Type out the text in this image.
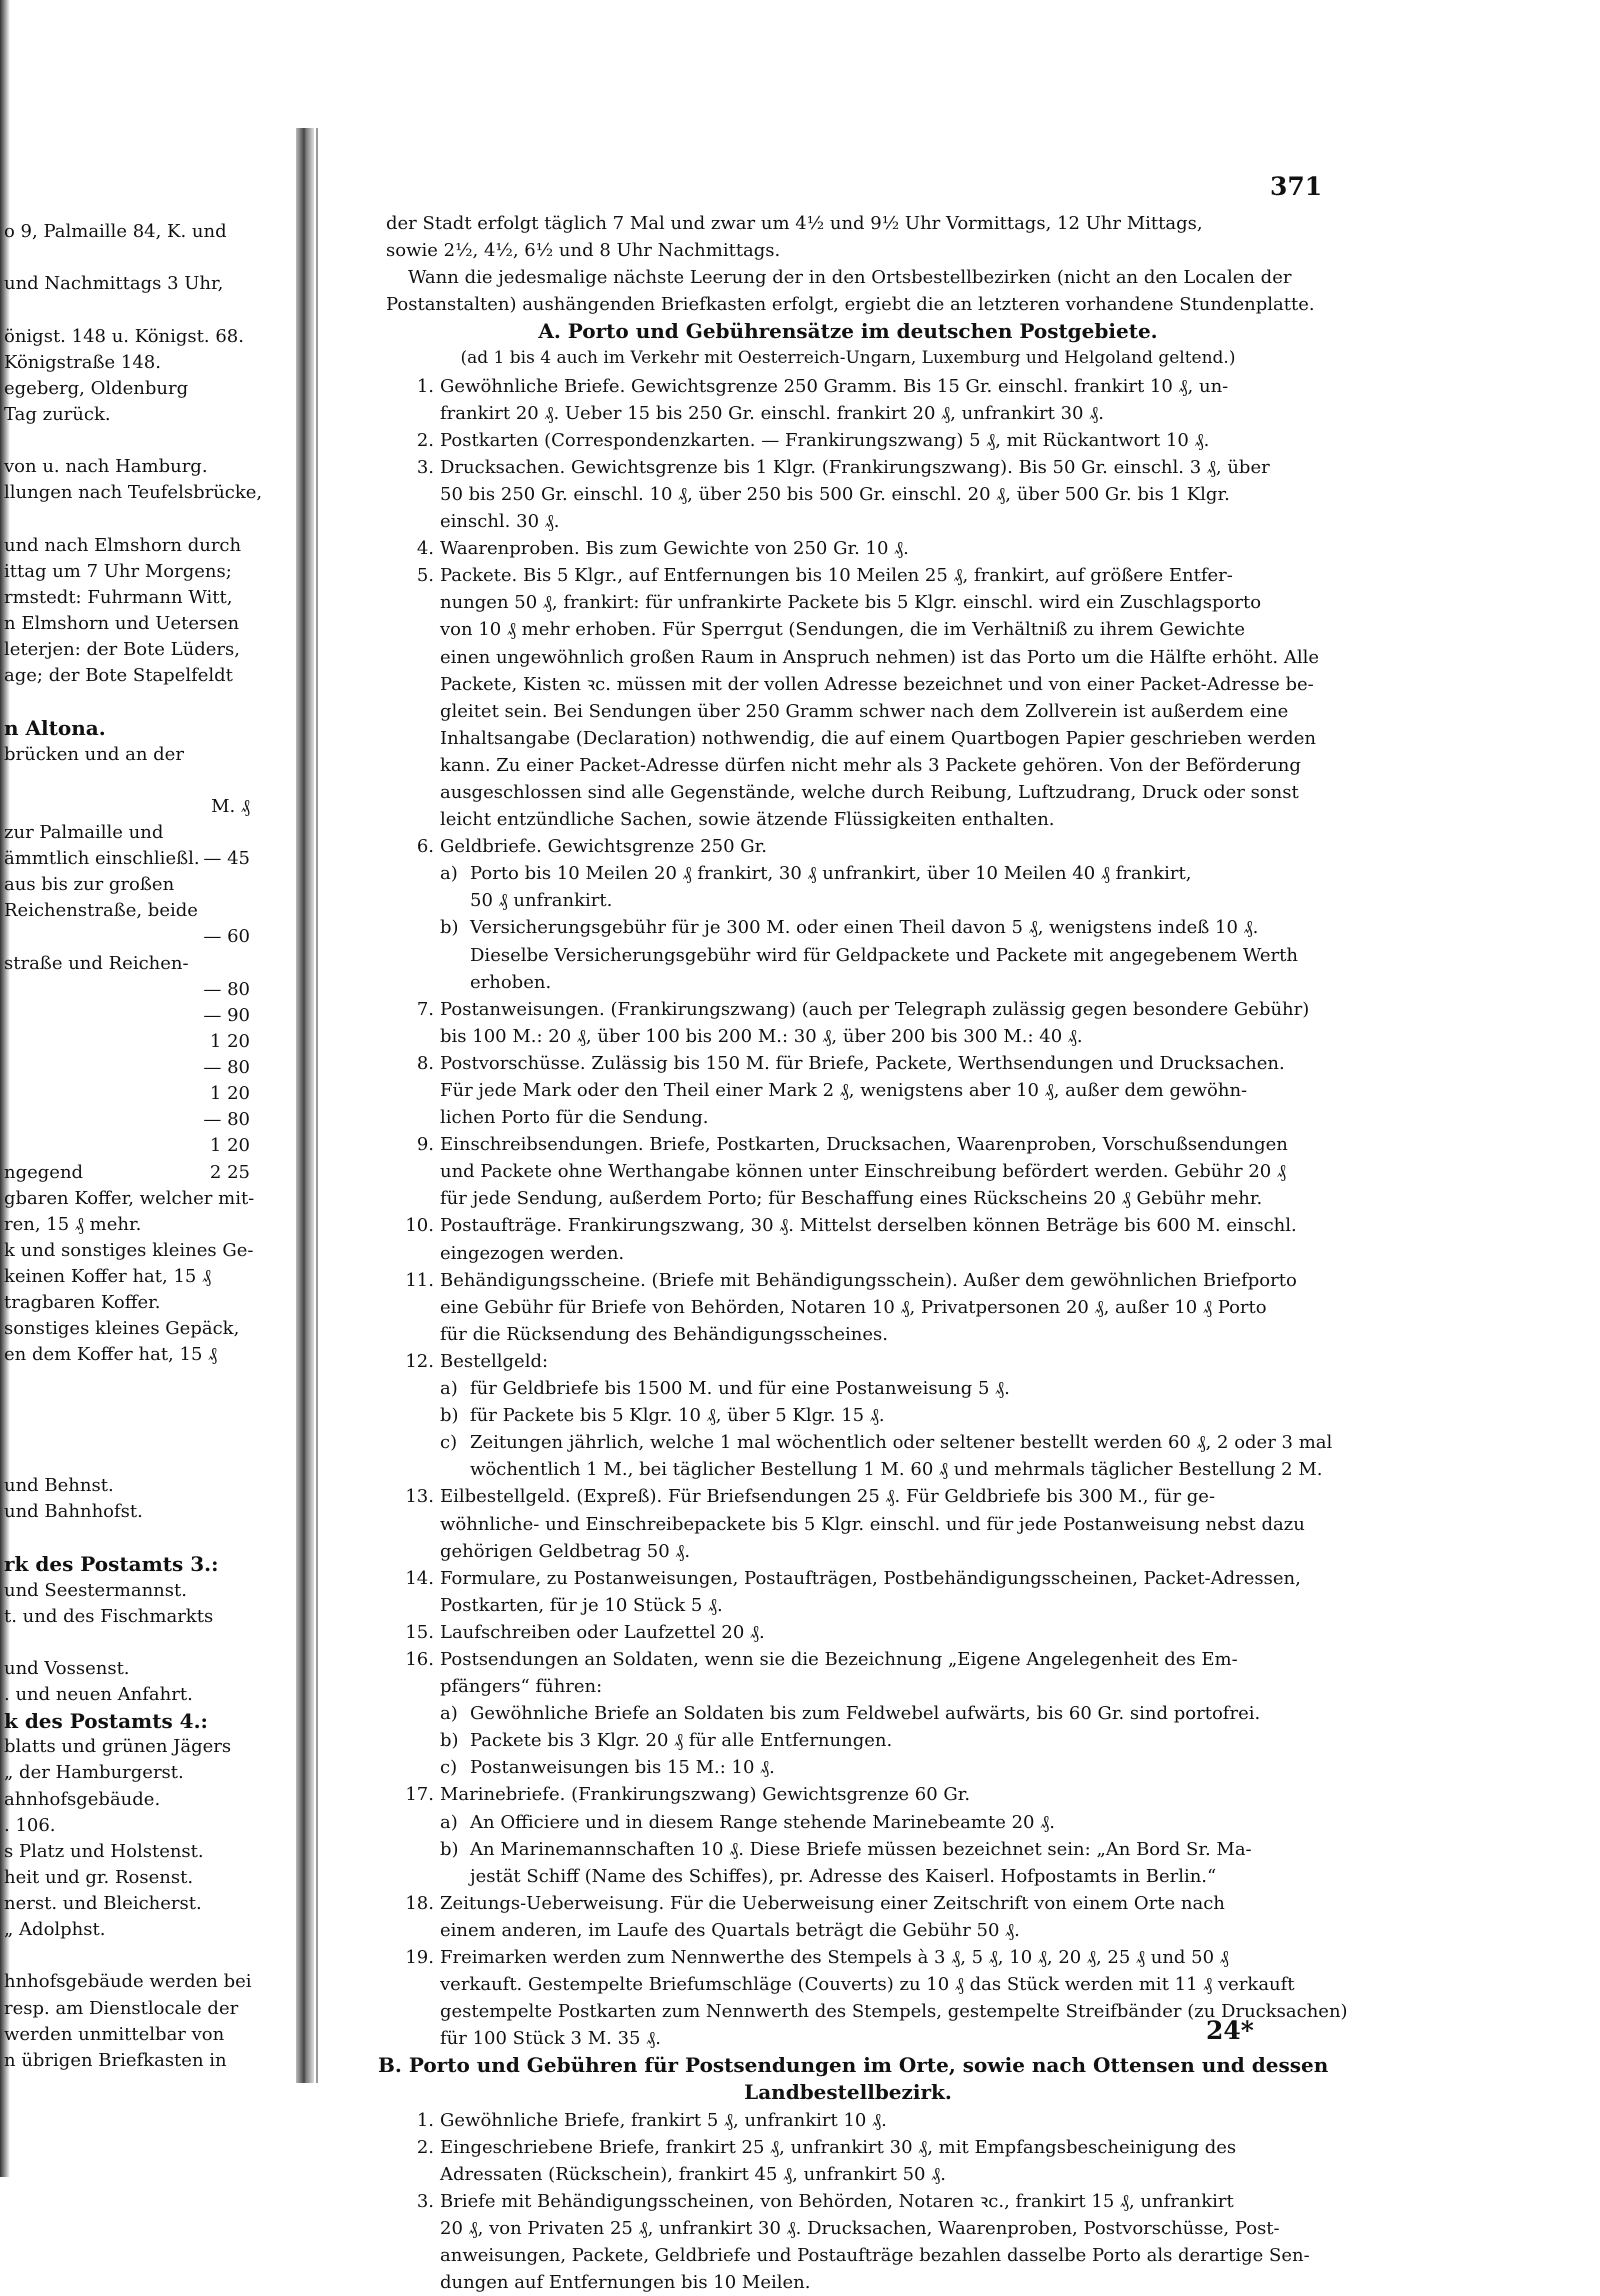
371
o 9, Palmaille 84, K. und
und Nachmittags 3 Uhr,
önigst. 148 u. Königst. 68.
Königstraße 148.
egeberg, Oldenburg
Tag zurück.
von u. nach Hamburg.
llungen nach Teufelsbrücke,
und nach Elmshorn durch
ittag um 7 Uhr Morgens;
rmstedt: Fuhrmann Witt,
n Elmshorn und Uetersen
leterjen: der Bote Lüders,
age; der Bote Stapelfeldt
n Altona.
brücken und an der
M. ₰
zur Palmaille und
ämmtlich einschließl. — 45
aus bis zur großen
Reichenstraße, beide
— 60
straße und Reichen-
— 80
— 90
1 20
— 80
1 20
— 80
1 20
ngegend	2 25
gbaren Koffer, welcher mit-
ren, 15 ₰ mehr.
k und sonstiges kleines Ge-
keinen Koffer hat, 15 ₰
tragbaren Koffer.
sonstiges kleines Gepäck,
en dem Koffer hat, 15 ₰
und Behnst.
und Bahnhofst.
rk des Postamts 3.:
und Seestermannst.
t. und des Fischmarkts
und Vossenst.
. und neuen Anfahrt.
k des Postamts 4.:
blatts und grünen Jägers
„ der Hamburgerst.
ahnhofsgebäude.
. 106.
s Platz und Holstenst.
heit und gr. Rosenst.
nerst. und Bleicherst.
„ Adolphst.
hnhofsgebäude werden bei
resp. am Dienstlocale der
werden unmittelbar von
n übrigen Briefkasten in
der Stadt erfolgt täglich 7 Mal und zwar um 4½ und 9½ Uhr Vormittags, 12 Uhr Mittags,
sowie 2½, 4½, 6½ und 8 Uhr Nachmittags.
Wann die jedesmalige nächste Leerung der in den Ortsbestellbezirken (nicht an den Localen der
Postanstalten) aushängenden Briefkasten erfolgt, ergiebt die an letzteren vorhandene Stundenplatte.
A. Porto und Gebührensätze im deutschen Postgebiete.
(ad 1 bis 4 auch im Verkehr mit Oesterreich-Ungarn, Luxemburg und Helgoland geltend.)
1. Gewöhnliche Briefe. Gewichtsgrenze 250 Gramm. Bis 15 Gr. einschl. frankirt 10 ₰, un-
frankirt 20 ₰. Ueber 15 bis 250 Gr. einschl. frankirt 20 ₰, unfrankirt 30 ₰.
2. Postkarten (Correspondenzkarten. — Frankirungszwang) 5 ₰, mit Rückantwort 10 ₰.
3. Drucksachen. Gewichtsgrenze bis 1 Klgr. (Frankirungszwang). Bis 50 Gr. einschl. 3 ₰, über
50 bis 250 Gr. einschl. 10 ₰, über 250 bis 500 Gr. einschl. 20 ₰, über 500 Gr. bis 1 Klgr.
einschl. 30 ₰.
4. Waarenproben. Bis zum Gewichte von 250 Gr. 10 ₰.
5. Packete. Bis 5 Klgr., auf Entfernungen bis 10 Meilen 25 ₰, frankirt, auf größere Entfer-
nungen 50 ₰, frankirt: für unfrankirte Packete bis 5 Klgr. einschl. wird ein Zuschlagsporto
von 10 ₰ mehr erhoben. Für Sperrgut (Sendungen, die im Verhältniß zu ihrem Gewichte
einen ungewöhnlich großen Raum in Anspruch nehmen) ist das Porto um die Hälfte erhöht. Alle
Packete, Kisten ꝛc. müssen mit der vollen Adresse bezeichnet und von einer Packet-Adresse be-
gleitet sein. Bei Sendungen über 250 Gramm schwer nach dem Zollverein ist außerdem eine
Inhaltsangabe (Declaration) nothwendig, die auf einem Quartbogen Papier geschrieben werden
kann. Zu einer Packet-Adresse dürfen nicht mehr als 3 Packete gehören. Von der Beförderung
ausgeschlossen sind alle Gegenstände, welche durch Reibung, Luftzudrang, Druck oder sonst
leicht entzündliche Sachen, sowie ätzende Flüssigkeiten enthalten.
6. Geldbriefe. Gewichtsgrenze 250 Gr.
a) Porto bis 10 Meilen 20 ₰ frankirt, 30 ₰ unfrankirt, über 10 Meilen 40 ₰ frankirt,
50 ₰ unfrankirt.
b) Versicherungsgebühr für je 300 M. oder einen Theil davon 5 ₰, wenigstens indeß 10 ₰.
Dieselbe Versicherungsgebühr wird für Geldpackete und Packete mit angegebenem Werth
erhoben.
7. Postanweisungen. (Frankirungszwang) (auch per Telegraph zulässig gegen besondere Gebühr)
bis 100 M.: 20 ₰, über 100 bis 200 M.: 30 ₰, über 200 bis 300 M.: 40 ₰.
8. Postvorschüsse. Zulässig bis 150 M. für Briefe, Packete, Werthsendungen und Drucksachen.
Für jede Mark oder den Theil einer Mark 2 ₰, wenigstens aber 10 ₰, außer dem gewöhn-
lichen Porto für die Sendung.
9. Einschreibsendungen. Briefe, Postkarten, Drucksachen, Waarenproben, Vorschußsendungen
und Packete ohne Werthangabe können unter Einschreibung befördert werden. Gebühr 20 ₰
für jede Sendung, außerdem Porto; für Beschaffung eines Rückscheins 20 ₰ Gebühr mehr.
10. Postaufträge. Frankirungszwang, 30 ₰. Mittelst derselben können Beträge bis 600 M. einschl.
eingezogen werden.
11. Behändigungsscheine. (Briefe mit Behändigungsschein). Außer dem gewöhnlichen Briefporto
eine Gebühr für Briefe von Behörden, Notaren 10 ₰, Privatpersonen 20 ₰, außer 10 ₰ Porto
für die Rücksendung des Behändigungsscheines.
12. Bestellgeld:
a) für Geldbriefe bis 1500 M. und für eine Postanweisung 5 ₰.
b) für Packete bis 5 Klgr. 10 ₰, über 5 Klgr. 15 ₰.
c) Zeitungen jährlich, welche 1 mal wöchentlich oder seltener bestellt werden 60 ₰, 2 oder 3 mal
wöchentlich 1 M., bei täglicher Bestellung 1 M. 60 ₰ und mehrmals täglicher Bestellung 2 M.
13. Eilbestellgeld. (Expreß). Für Briefsendungen 25 ₰. Für Geldbriefe bis 300 M., für ge-
wöhnliche- und Einschreibepackete bis 5 Klgr. einschl. und für jede Postanweisung nebst dazu
gehörigen Geldbetrag 50 ₰.
14. Formulare, zu Postanweisungen, Postaufträgen, Postbehändigungsscheinen, Packet-Adressen,
Postkarten, für je 10 Stück 5 ₰.
15. Laufschreiben oder Laufzettel 20 ₰.
16. Postsendungen an Soldaten, wenn sie die Bezeichnung „Eigene Angelegenheit des Em-
pfängers“ führen:
a) Gewöhnliche Briefe an Soldaten bis zum Feldwebel aufwärts, bis 60 Gr. sind portofrei.
b) Packete bis 3 Klgr. 20 ₰ für alle Entfernungen.
c) Postanweisungen bis 15 M.: 10 ₰.
17. Marinebriefe. (Frankirungszwang) Gewichtsgrenze 60 Gr.
a) An Officiere und in diesem Range stehende Marinebeamte 20 ₰.
b) An Marinemannschaften 10 ₰. Diese Briefe müssen bezeichnet sein: „An Bord Sr. Ma-
jestät Schiff (Name des Schiffes), pr. Adresse des Kaiserl. Hofpostamts in Berlin.“
18. Zeitungs-Ueberweisung. Für die Ueberweisung einer Zeitschrift von einem Orte nach
einem anderen, im Laufe des Quartals beträgt die Gebühr 50 ₰.
19. Freimarken werden zum Nennwerthe des Stempels à 3 ₰, 5 ₰, 10 ₰, 20 ₰, 25 ₰ und 50 ₰
verkauft. Gestempelte Briefumschläge (Couverts) zu 10 ₰ das Stück werden mit 11 ₰ verkauft
gestempelte Postkarten zum Nennwerth des Stempels, gestempelte Streifbänder (zu Drucksachen)
für 100 Stück 3 M. 35 ₰.
B. Porto und Gebühren für Postsendungen im Orte, sowie nach Ottensen und dessen
Landbestellbezirk.
1. Gewöhnliche Briefe, frankirt 5 ₰, unfrankirt 10 ₰.
2. Eingeschriebene Briefe, frankirt 25 ₰, unfrankirt 30 ₰, mit Empfangsbescheinigung des
Adressaten (Rückschein), frankirt 45 ₰, unfrankirt 50 ₰.
3. Briefe mit Behändigungsscheinen, von Behörden, Notaren ꝛc., frankirt 15 ₰, unfrankirt
20 ₰, von Privaten 25 ₰, unfrankirt 30 ₰. Drucksachen, Waarenproben, Postvorschüsse, Post-
anweisungen, Packete, Geldbriefe und Postaufträge bezahlen dasselbe Porto als derartige Sen-
dungen auf Entfernungen bis 10 Meilen.
24*
